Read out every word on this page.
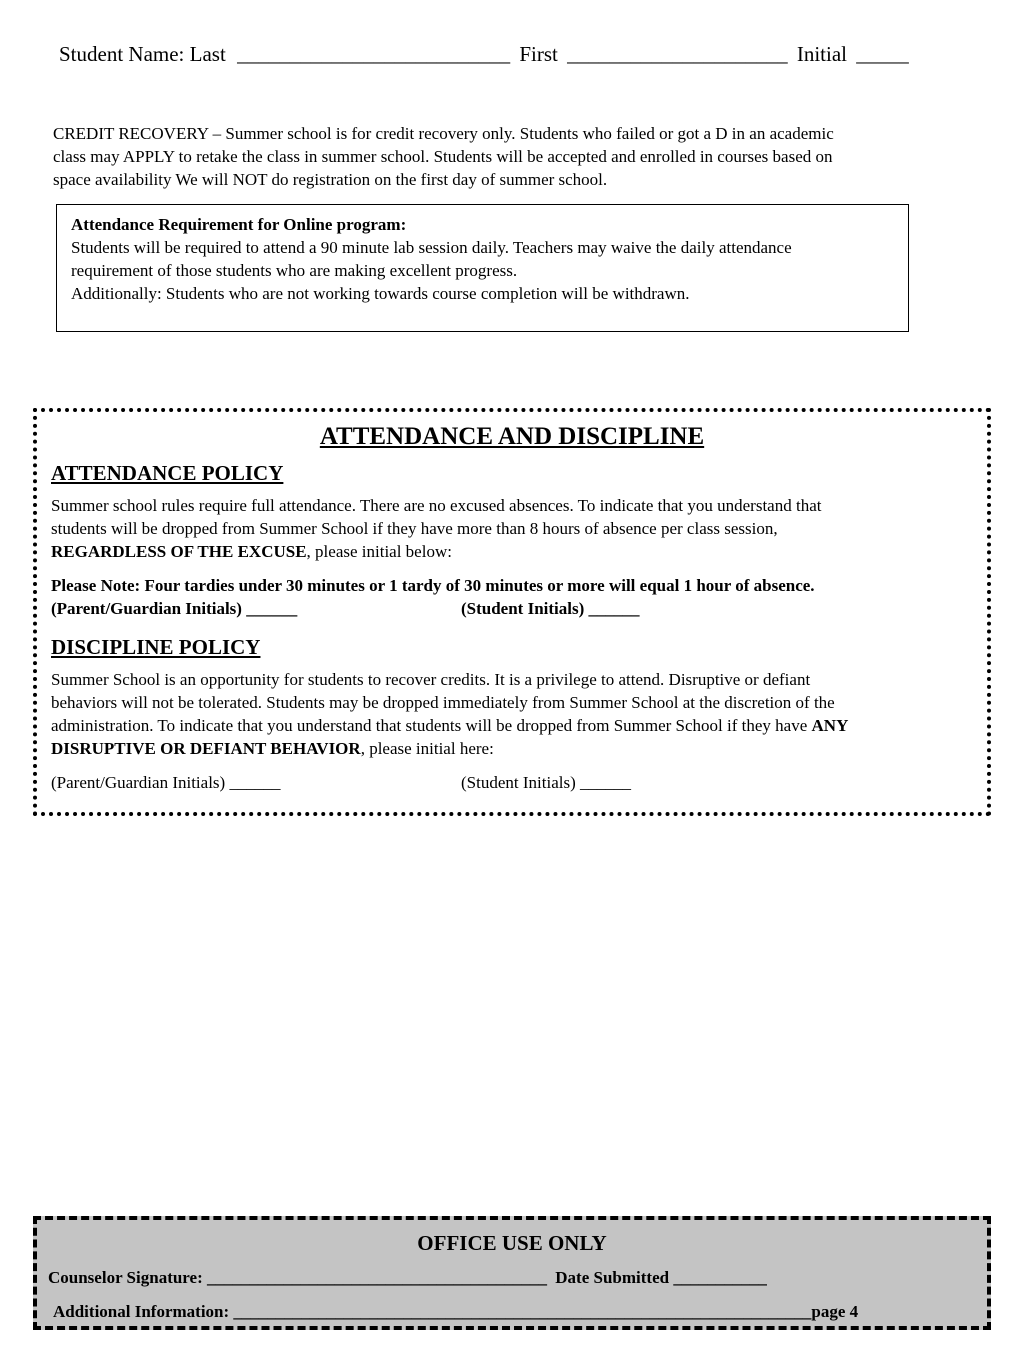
Student Name: Last __________________________ First _____________________ Initial _____
CREDIT RECOVERY – Summer school is for credit recovery only. Students who failed or got a D in an academic
class may APPLY to retake the class in summer school. Students will be accepted and enrolled in courses based on
space availability We will NOT do registration on the first day of summer school.
Attendance Requirement for Online program:
Students will be required to attend a 90 minute lab session daily. Teachers may waive the daily attendance
requirement of those students who are making excellent progress.
Additionally: Students who are not working towards course completion will be withdrawn.
ATTENDANCE AND DISCIPLINE
ATTENDANCE POLICY
Summer school rules require full attendance. There are no excused absences. To indicate that you understand that
students will be dropped from Summer School if they have more than 8 hours of absence per class session,
REGARDLESS OF THE EXCUSE, please initial below:
Please Note: Four tardies under 30 minutes or 1 tardy of 30 minutes or more will equal 1 hour of absence.
(Parent/Guardian Initials) ______	(Student Initials) ______
DISCIPLINE POLICY
Summer School is an opportunity for students to recover credits. It is a privilege to attend. Disruptive or defiant
behaviors will not be tolerated. Students may be dropped immediately from Summer School at the discretion of the
administration. To indicate that you understand that students will be dropped from Summer School if they have ANY
DISRUPTIVE OR DEFIANT BEHAVIOR, please initial here:
(Parent/Guardian Initials) ______	(Student Initials) ______
OFFICE USE ONLY
Counselor Signature: ________________________________________ Date Submitted ___________
Additional Information: ____________________________________________________________________page 4
